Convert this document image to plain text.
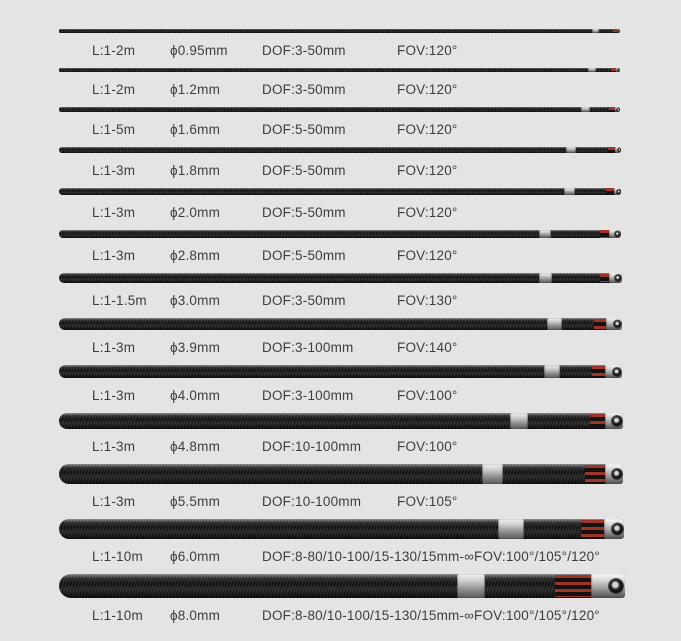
L:1-2m	ϕ0.95mm	DOF:3-50mm	FOV:120°
L:1-2m	ϕ1.2mm	DOF:3-50mm	FOV:120°
L:1-5m	ϕ1.6mm	DOF:5-50mm	FOV:120°
L:1-3m	ϕ1.8mm	DOF:5-50mm	FOV:120°
L:1-3m	ϕ2.0mm	DOF:5-50mm	FOV:120°
L:1-3m	ϕ2.8mm	DOF:5-50mm	FOV:120°
L:1-1.5m	ϕ3.0mm	DOF:3-50mm	FOV:130°
L:1-3m	ϕ3.9mm	DOF:3-100mm	FOV:140°
L:1-3m	ϕ4.0mm	DOF:3-100mm	FOV:100°
L:1-3m	ϕ4.8mm	DOF:10-100mm	FOV:100°
L:1-3m	ϕ5.5mm	DOF:10-100mm	FOV:105°
L:1-10m	ϕ6.0mm	DOF:8-80/10-100/15-130/15mm-∞ FOV:100°/105°/120°
L:1-10m	ϕ8.0mm	DOF:8-80/10-100/15-130/15mm-∞ FOV:100°/105°/120°
